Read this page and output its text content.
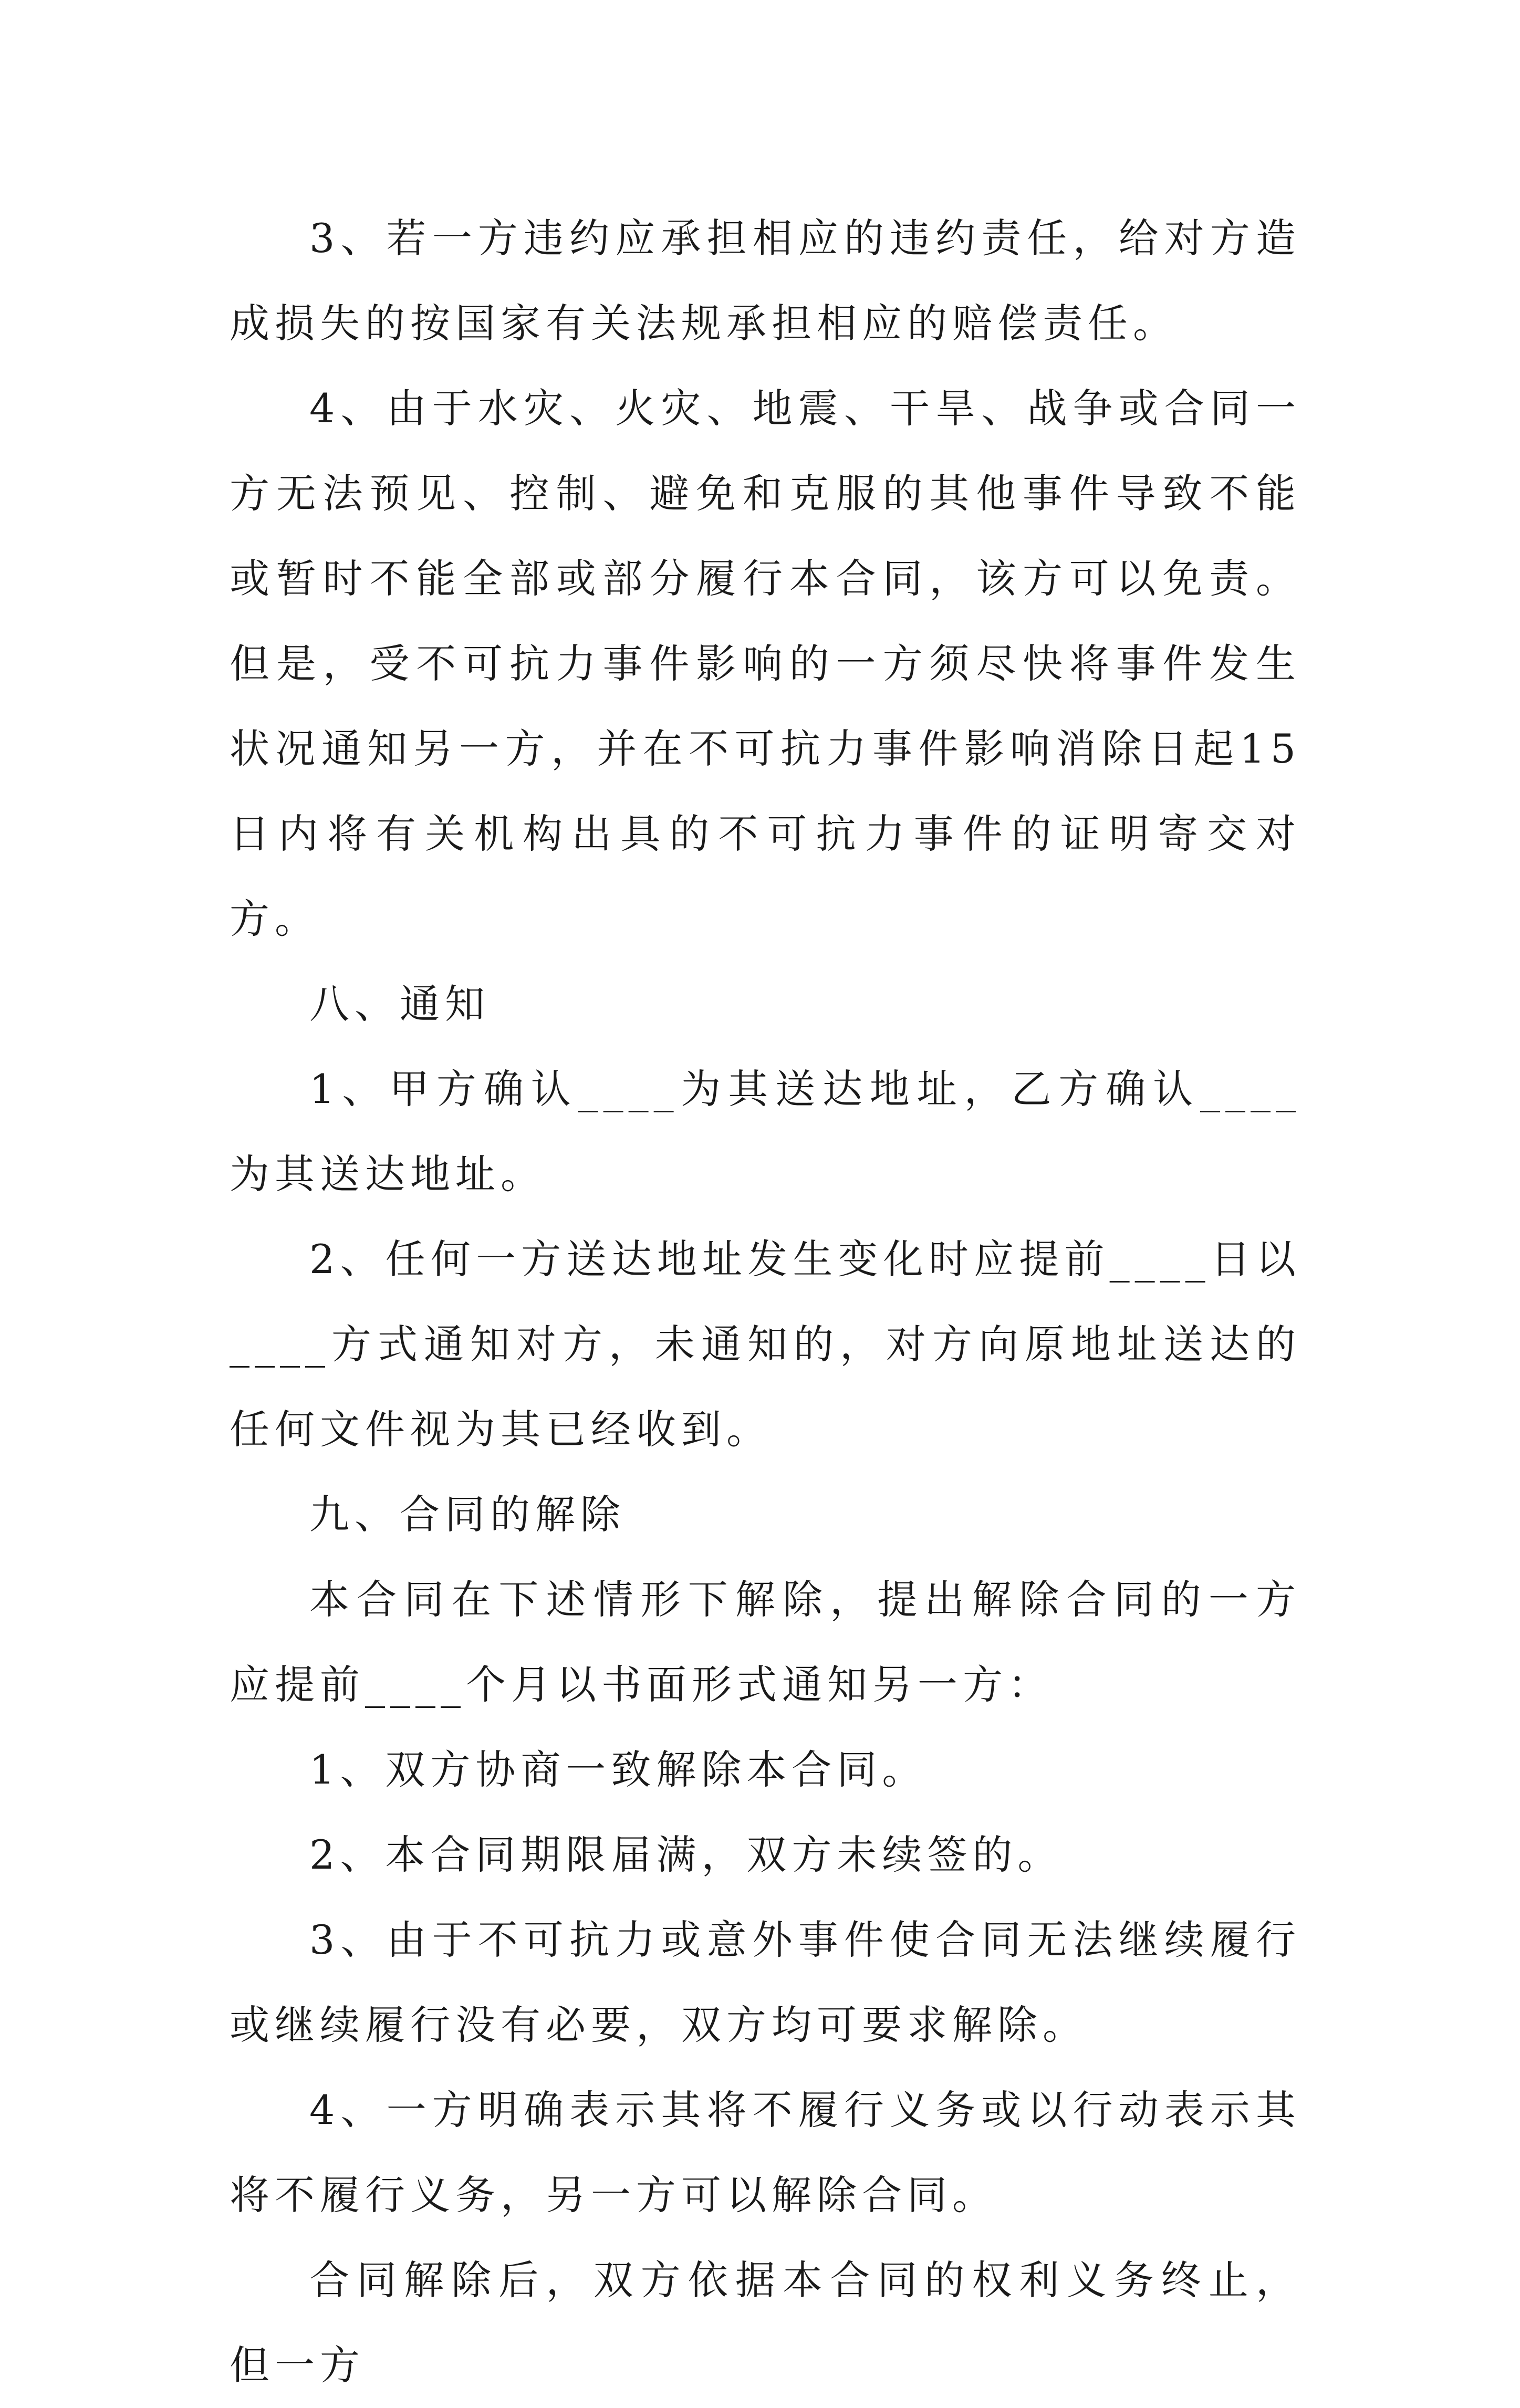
3、若一方违约应承担相应的违约责任，给对方造成损失的按国家有关法规承担相应的赔偿责任。

4、由于水灾、火灾、地震、干旱、战争或合同一方无法预见、控制、避免和克服的其他事件导致不能或暂时不能全部或部分履行本合同，该方可以免责。但是，受不可抗力事件影响的一方须尽快将事件发生状况通知另一方，并在不可抗力事件影响消除日起15日内将有关机构出具的不可抗力事件的证明寄交对方。

八、通知

1、甲方确认____为其送达地址，乙方确认____为其送达地址。

2、任何一方送达地址发生变化时应提前____日以____方式通知对方，未通知的，对方向原地址送达的任何文件视为其已经收到。

九、合同的解除

本合同在下述情形下解除，提出解除合同的一方应提前____个月以书面形式通知另一方：

1、双方协商一致解除本合同。

2、本合同期限届满，双方未续签的。

3、由于不可抗力或意外事件使合同无法继续履行或继续履行没有必要，双方均可要求解除。

4、一方明确表示其将不履行义务或以行动表示其将不履行义务，另一方可以解除合同。

合同解除后，双方依据本合同的权利义务终止，但一方
